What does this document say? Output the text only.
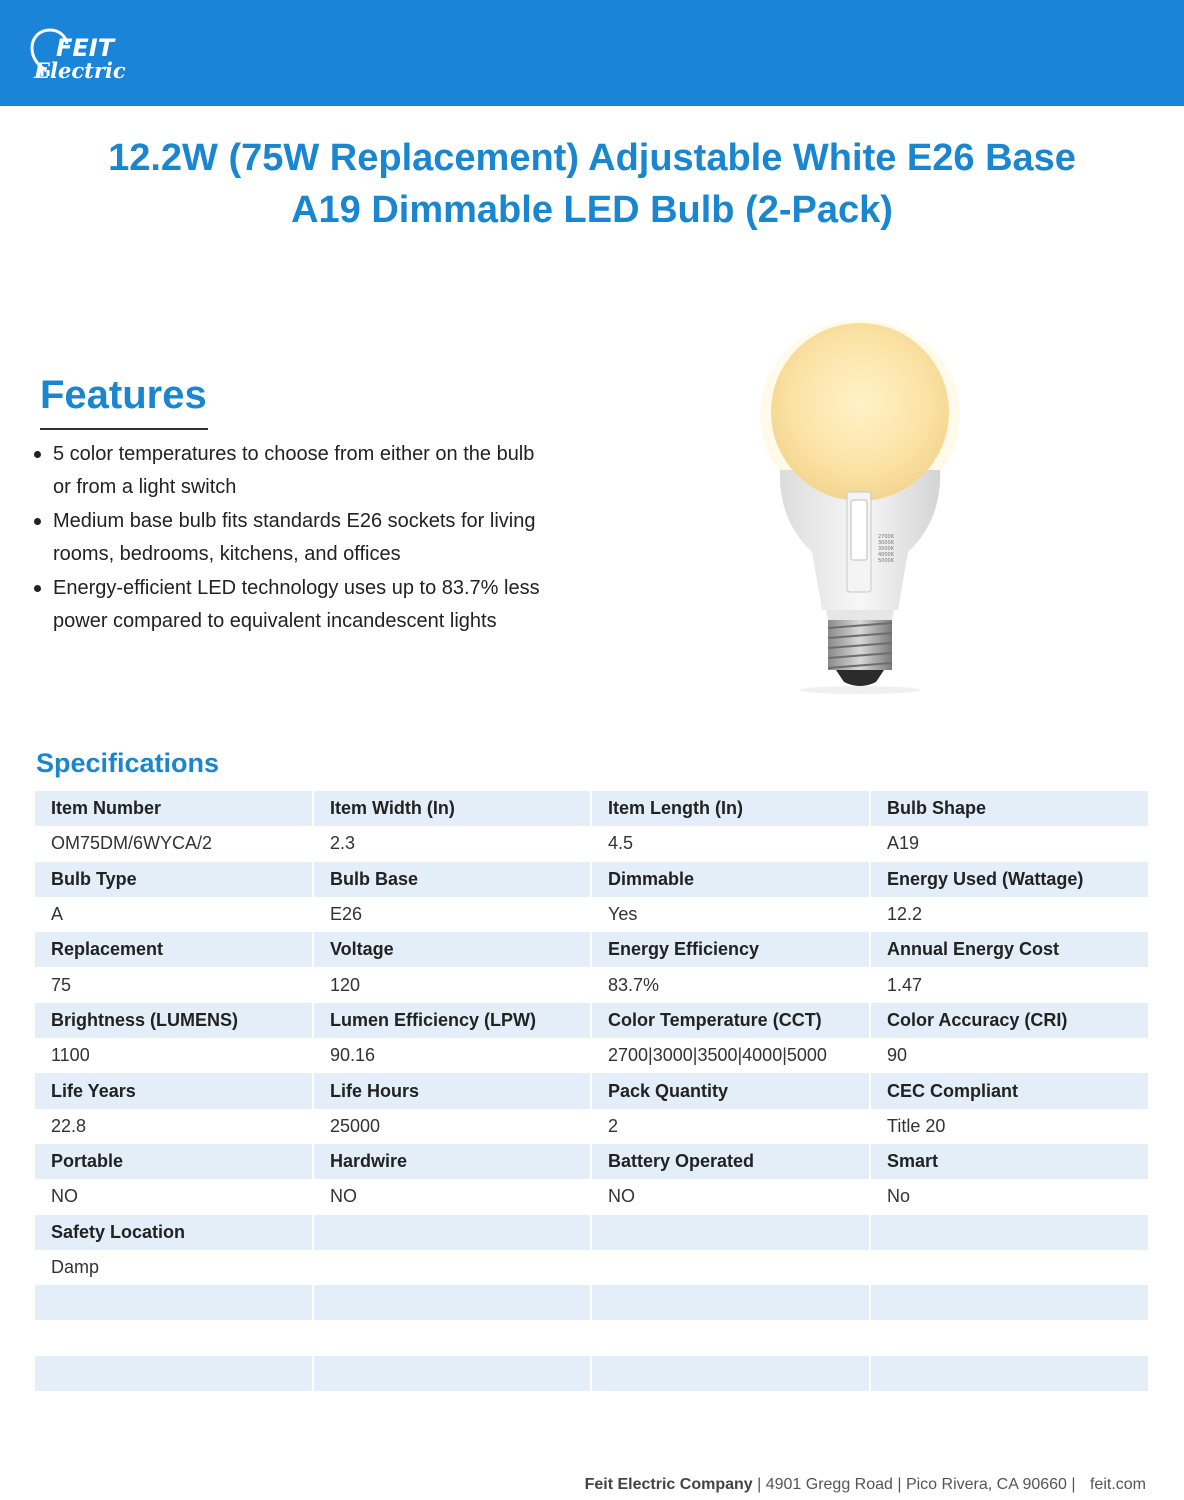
FEIT
Electric
12.2W (75W Replacement) Adjustable White E26 Base
A19 Dimmable LED Bulb (2-Pack)
Features
5 color temperatures to choose from either on the bulb or from a light switch
Medium base bulb fits standards E26 sockets for living rooms, bedrooms, kitchens, and offices
Energy-efficient LED technology uses up to 83.7% less power compared to equivalent incandescent lights
2700K
3000K
3500K
4000K
5000K
Specifications
Item Number	Item Width (In)	Item Length (In)	Bulb Shape
OM75DM/6WYCA/2	2.3	4.5	A19
Bulb Type	Bulb Base	Dimmable	Energy Used (Wattage)
A	E26	Yes	12.2
Replacement	Voltage	Energy Efficiency	Annual Energy Cost
75	120	83.7%	1.47
Brightness (LUMENS)	Lumen Efficiency (LPW)	Color Temperature (CCT)	Color Accuracy (CRI)
1100	90.16	2700|3000|3500|4000|5000	90
Life Years	Life Hours	Pack Quantity	CEC Compliant
22.8	25000	2	Title 20
Portable	Hardwire	Battery Operated	Smart
NO	NO	NO	No
Safety Location			
Damp			

Feit Electric Company | 4901 Gregg Road | Pico Rivera, CA 90660 | feit.com
